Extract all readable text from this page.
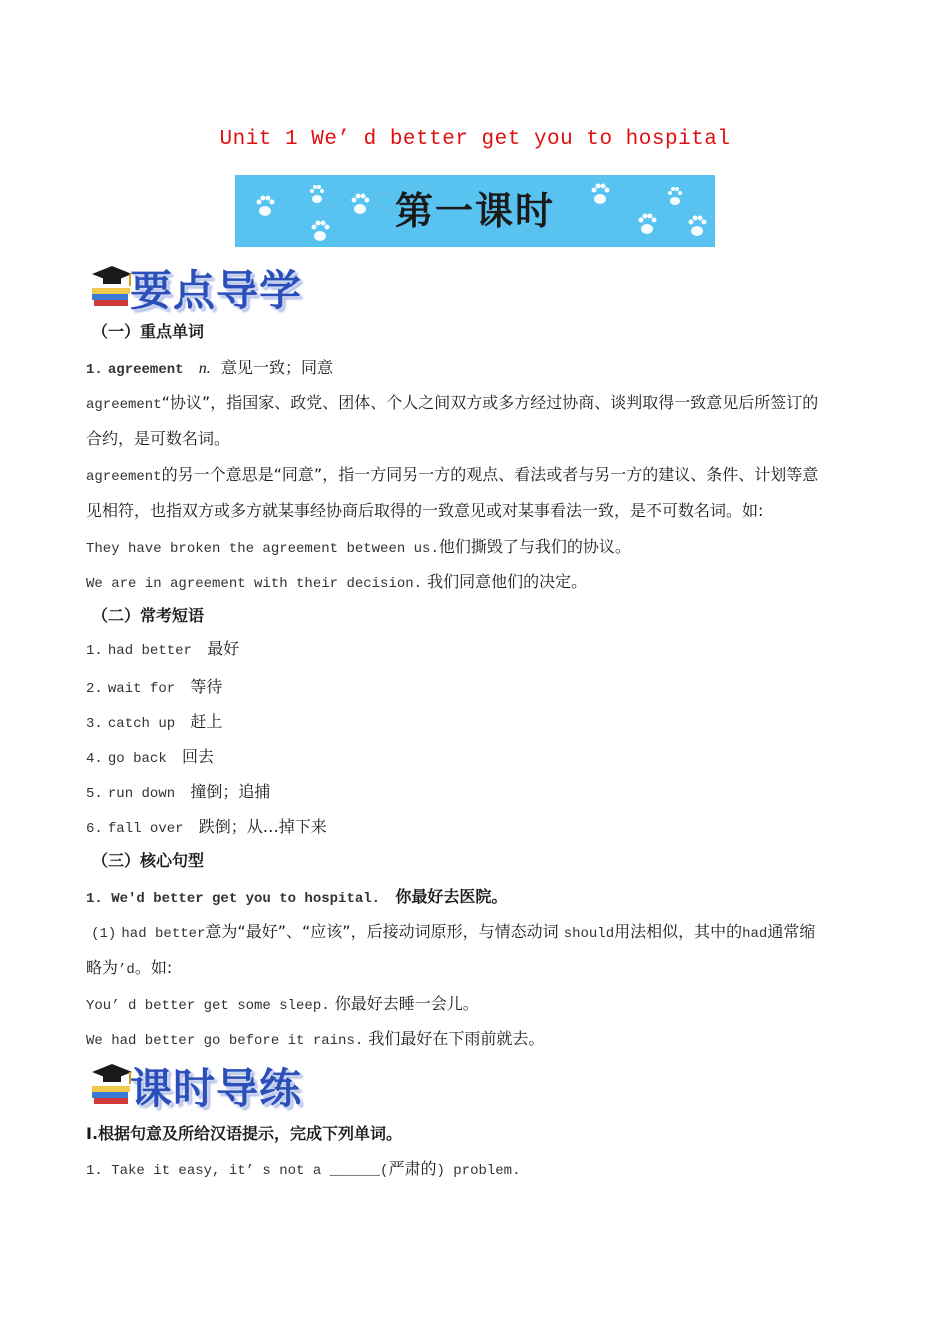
Unit 1 We’ d better get you to hospital
第一课时
要点导学
（一）重点单词
1. agreement n. 意见一致；同意
agreement“协议”，指国家、政党、团体、个人之间双方或多方经过协商、谈判取得一致意见后所签订的
合约，是可数名词。
agreement的另一个意思是“同意”，指一方同另一方的观点、看法或者与另一方的建议、条件、计划等意
见相符，也指双方或多方就某事经协商后取得的一致意见或对某事看法一致，是不可数名词。如:
They have broken the agreement between us.他们撕毁了与我们的协议。
We are in agreement with their decision. 我们同意他们的决定。
（二）常考短语
1. had better 最好
2. wait for 等待
3. catch up 赶上
4. go back 回去
5. run down 撞倒；追捕
6. fall over 跌倒；从…掉下来
（三）核心句型
1. We'd better get you to hospital. 你最好去医院。
(1) had better意为“最好”、“应该”，后接动词原形，与情态动词 should用法相似，其中的had通常缩
略为’d。如:
You’ d better get some sleep. 你最好去睡一会儿。
We had better go before it rains. 我们最好在下雨前就去。
课时导练
I.根据句意及所给汉语提示，完成下列单词。
1. Take it easy, it’ s not a ______(严肃的) problem.
